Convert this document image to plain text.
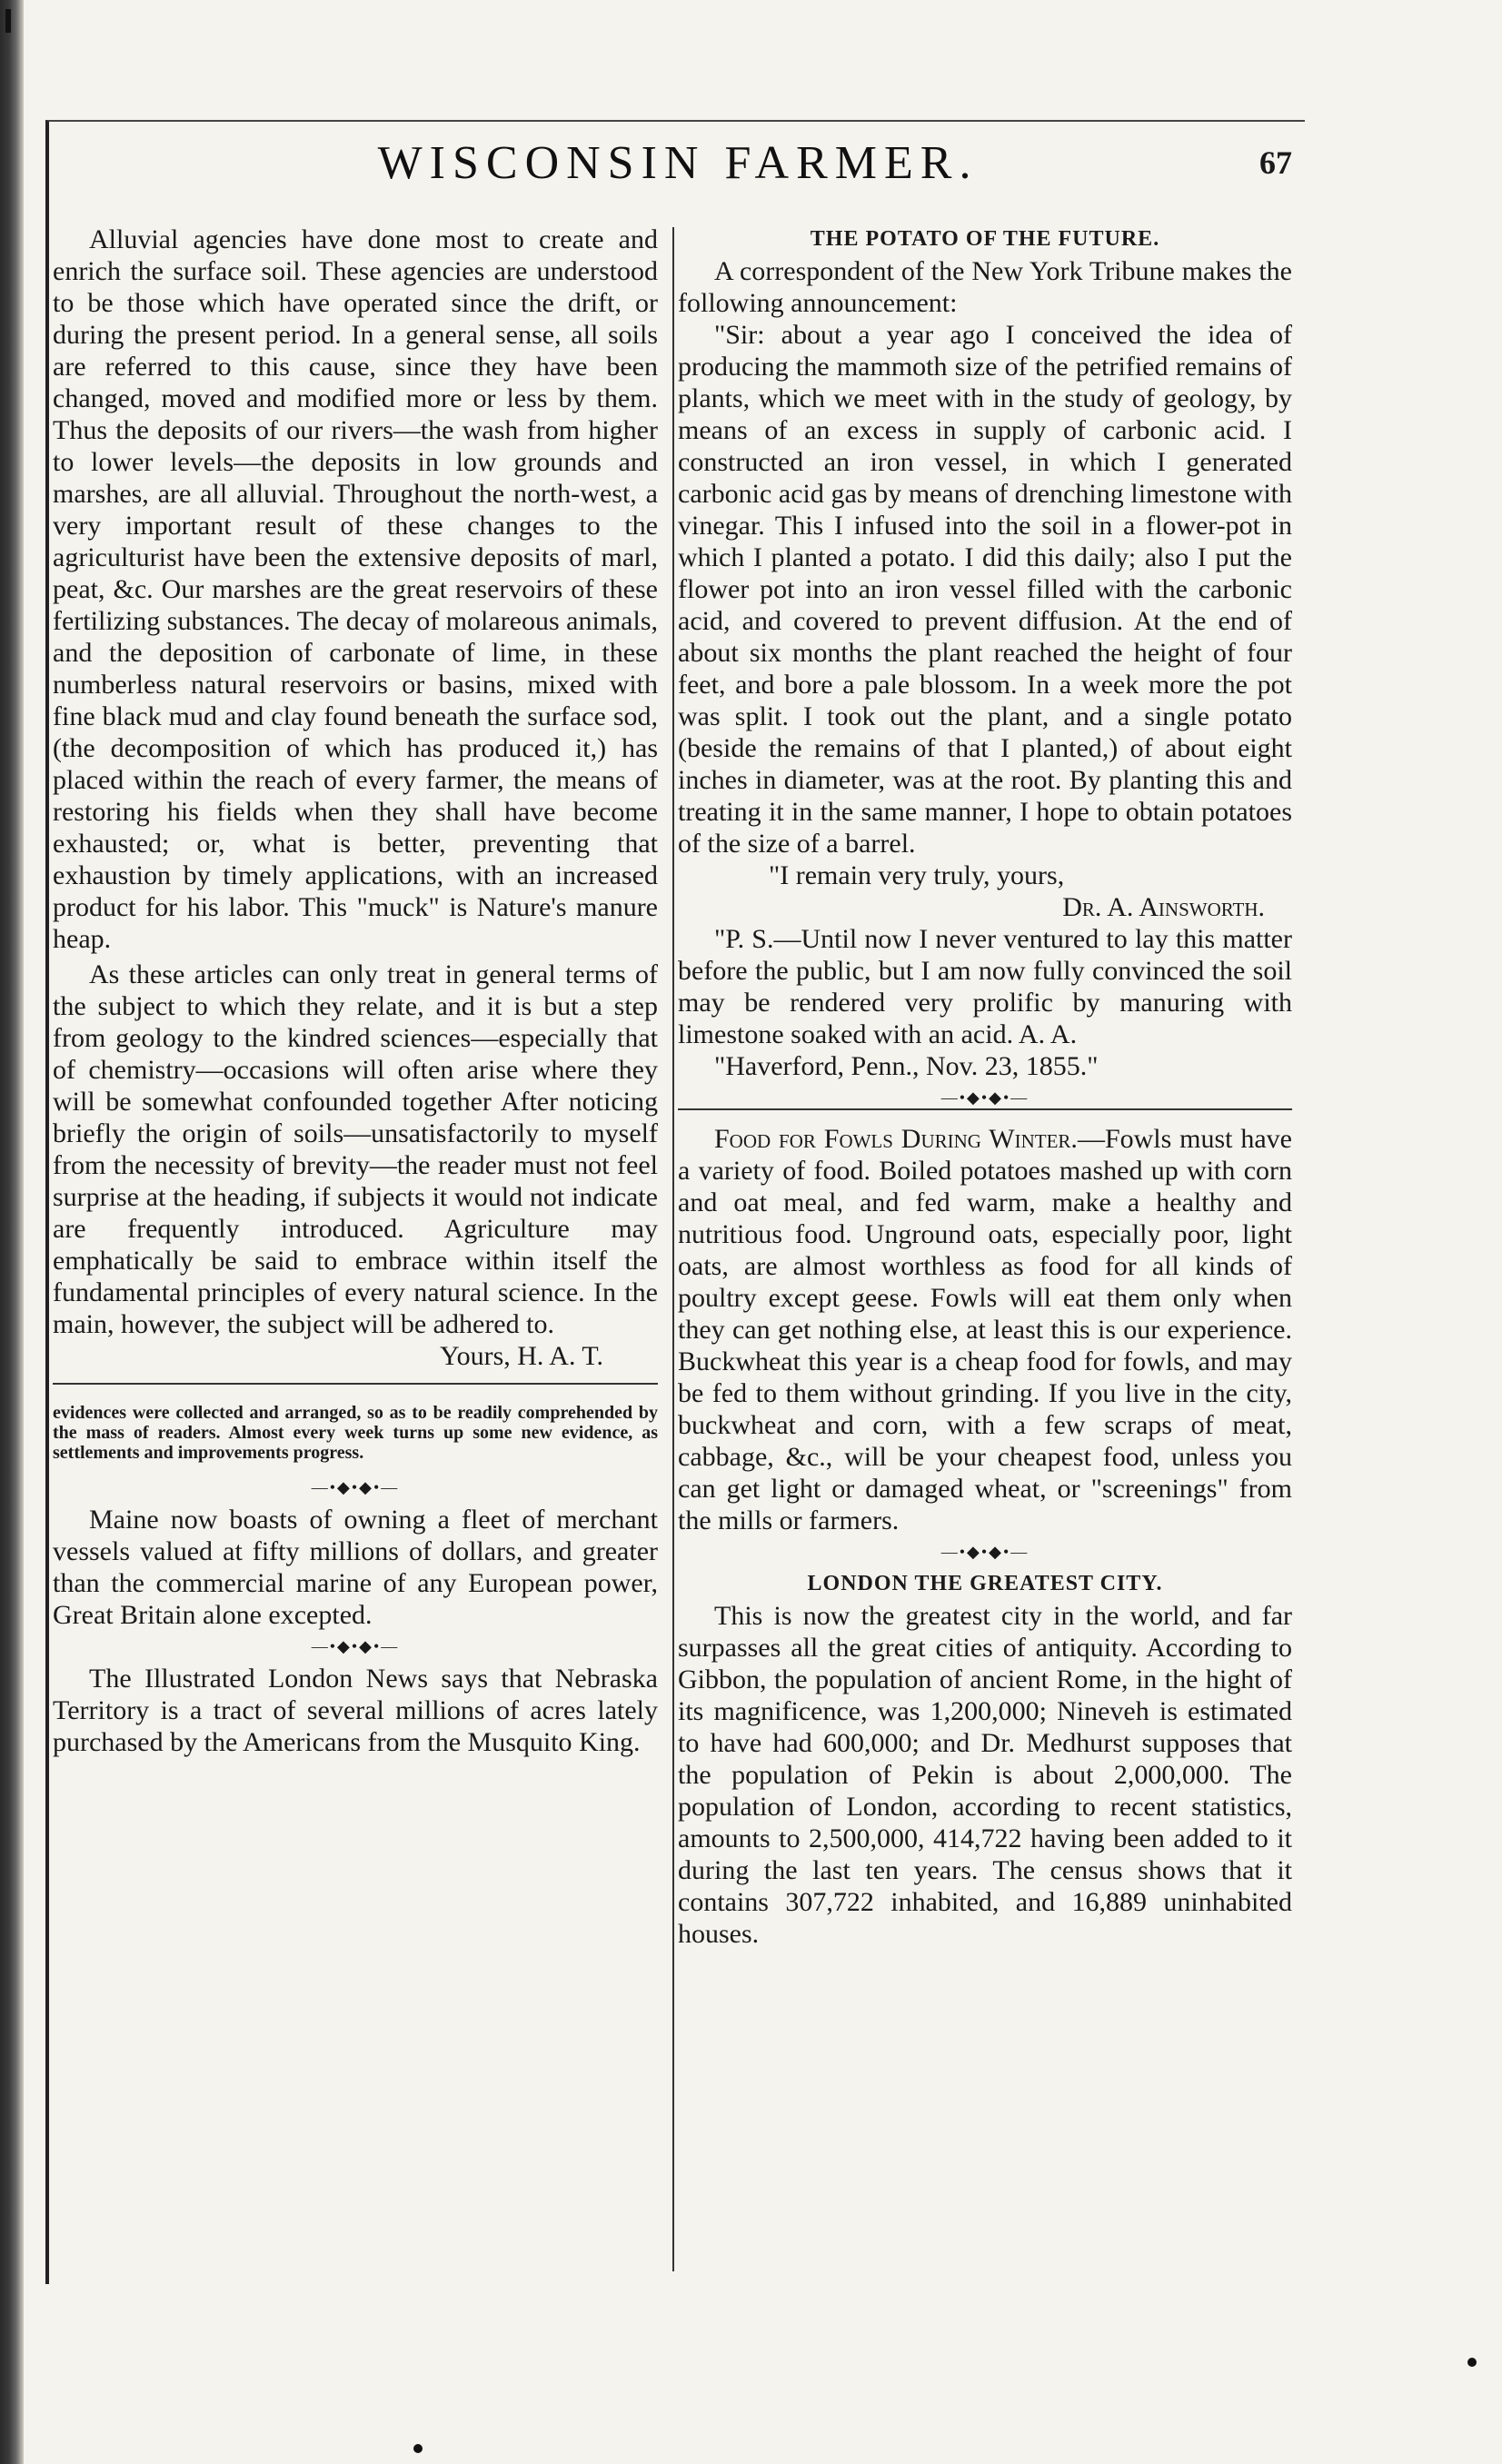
WISCONSIN FARMER.	67

Alluvial agencies have done most to create and enrich the surface soil. These agencies are understood to be those which have operated since the drift, or during the present period. In a general sense, all soils are referred to this cause, since they have been changed, moved and modified more or less by them. Thus the deposits of our rivers—the wash from higher to lower levels—the deposits in low grounds and marshes, are all alluvial. Throughout the north-west, a very important result of these changes to the agriculturist have been the extensive deposits of marl, peat, &c. Our marshes are the great reservoirs of these fertilizing substances. The decay of molareous animals, and the deposition of carbonate of lime, in these numberless natural reservoirs or basins, mixed with fine black mud and clay found beneath the surface sod, (the decomposition of which has produced it,) has placed within the reach of every farmer, the means of restoring his fields when they shall have become exhausted; or, what is better, preventing that exhaustion by timely applications, with an increased product for his labor. This "muck" is Nature's manure heap.

As these articles can only treat in general terms of the subject to which they relate, and it is but a step from geology to the kindred sciences—especially that of chemistry—occasions will often arise where they will be somewhat confounded together After noticing briefly the origin of soils—unsatisfactorily to myself from the necessity of brevity—the reader must not feel surprise at the heading, if subjects it would not indicate are frequently introduced. Agriculture may emphatically be said to embrace within itself the fundamental principles of every natural science. In the main, however, the subject will be adhered to.

Yours, H. A. T.

evidences were collected and arranged, so as to be readily comprehended by the mass of readers. Almost every week turns up some new evidence, as settlements and improvements progress.

—•◆•◆•—

Maine now boasts of owning a fleet of merchant vessels valued at fifty millions of dollars, and greater than the commercial marine of any European power, Great Britain alone excepted.

—•◆•◆•—

The Illustrated London News says that Nebraska Territory is a tract of several millions of acres lately purchased by the Americans from the Musquito King.

THE POTATO OF THE FUTURE.

A correspondent of the New York Tribune makes the following announcement:

"Sir: about a year ago I conceived the idea of producing the mammoth size of the petrified remains of plants, which we meet with in the study of geology, by means of an excess in supply of carbonic acid. I constructed an iron vessel, in which I generated carbonic acid gas by means of drenching limestone with vinegar. This I infused into the soil in a flower-pot in which I planted a potato. I did this daily; also I put the flower pot into an iron vessel filled with the carbonic acid, and covered to prevent diffusion. At the end of about six months the plant reached the height of four feet, and bore a pale blossom. In a week more the pot was split. I took out the plant, and a single potato (beside the remains of that I planted,) of about eight inches in diameter, was at the root. By planting this and treating it in the same manner, I hope to obtain potatoes of the size of a barrel.

"I remain very truly, yours,

Dr. A. Ainsworth.

"P. S.—Until now I never ventured to lay this matter before the public, but I am now fully convinced the soil may be rendered very prolific by manuring with limestone soaked with an acid. A. A.

"Haverford, Penn., Nov. 23, 1855."

—•◆•◆•—

Food for Fowls During Winter.—Fowls must have a variety of food. Boiled potatoes mashed up with corn and oat meal, and fed warm, make a healthy and nutritious food. Unground oats, especially poor, light oats, are almost worthless as food for all kinds of poultry except geese. Fowls will eat them only when they can get nothing else, at least this is our experience. Buckwheat this year is a cheap food for fowls, and may be fed to them without grinding. If you live in the city, buckwheat and corn, with a few scraps of meat, cabbage, &c., will be your cheapest food, unless you can get light or damaged wheat, or "screenings" from the mills or farmers.

—•◆•◆•—

LONDON THE GREATEST CITY.

This is now the greatest city in the world, and far surpasses all the great cities of antiquity. According to Gibbon, the population of ancient Rome, in the hight of its magnificence, was 1,200,000; Nineveh is estimated to have had 600,000; and Dr. Medhurst supposes that the population of Pekin is about 2,000,000. The population of London, according to recent statistics, amounts to 2,500,000, 414,722 having been added to it during the last ten years. The census shows that it contains 307,722 inhabited, and 16,889 uninhabited houses.
